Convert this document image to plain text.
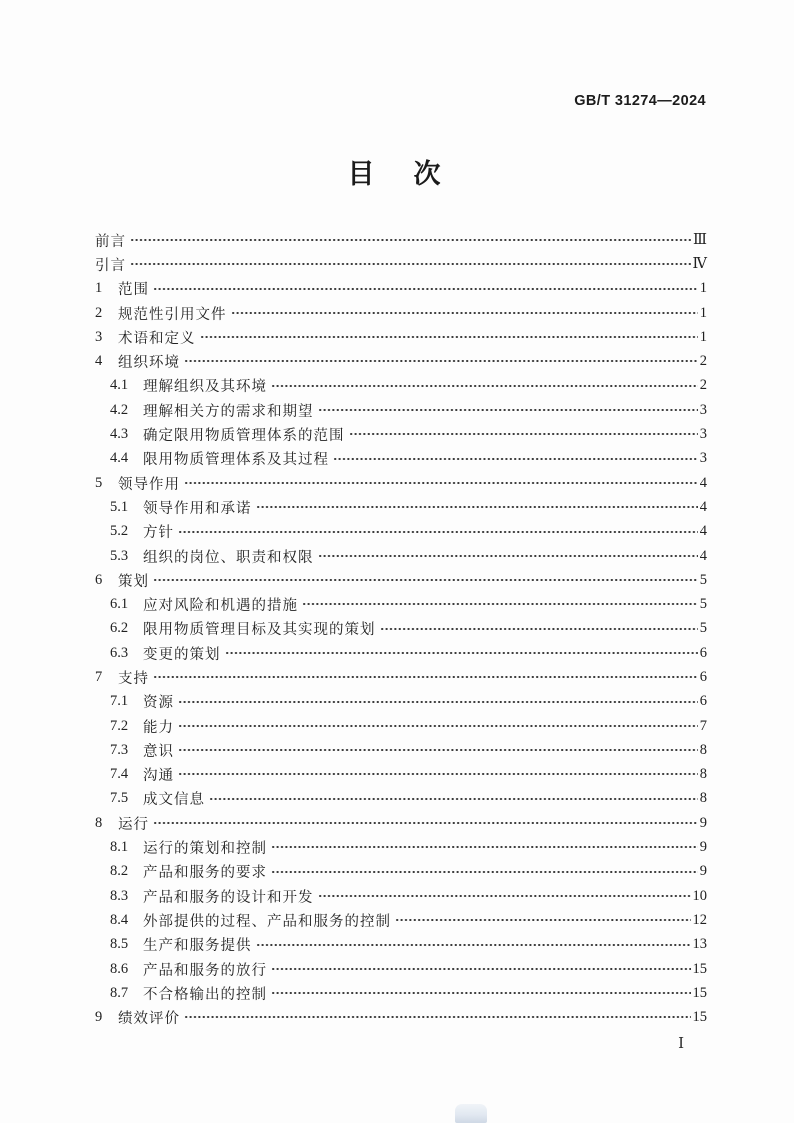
GB/T 31274—2024
目　次
前言	Ⅲ
引言	Ⅳ
1	范围	1
2	规范性引用文件	1
3	术语和定义	1
4	组织环境	2
4.1	理解组织及其环境	2
4.2	理解相关方的需求和期望	3
4.3	确定限用物质管理体系的范围	3
4.4	限用物质管理体系及其过程	3
5	领导作用	4
5.1	领导作用和承诺	4
5.2	方针	4
5.3	组织的岗位、职责和权限	4
6	策划	5
6.1	应对风险和机遇的措施	5
6.2	限用物质管理目标及其实现的策划	5
6.3	变更的策划	6
7	支持	6
7.1	资源	6
7.2	能力	7
7.3	意识	8
7.4	沟通	8
7.5	成文信息	8
8	运行	9
8.1	运行的策划和控制	9
8.2	产品和服务的要求	9
8.3	产品和服务的设计和开发	10
8.4	外部提供的过程、产品和服务的控制	12
8.5	生产和服务提供	13
8.6	产品和服务的放行	15
8.7	不合格输出的控制	15
9	绩效评价	15
Ⅰ
